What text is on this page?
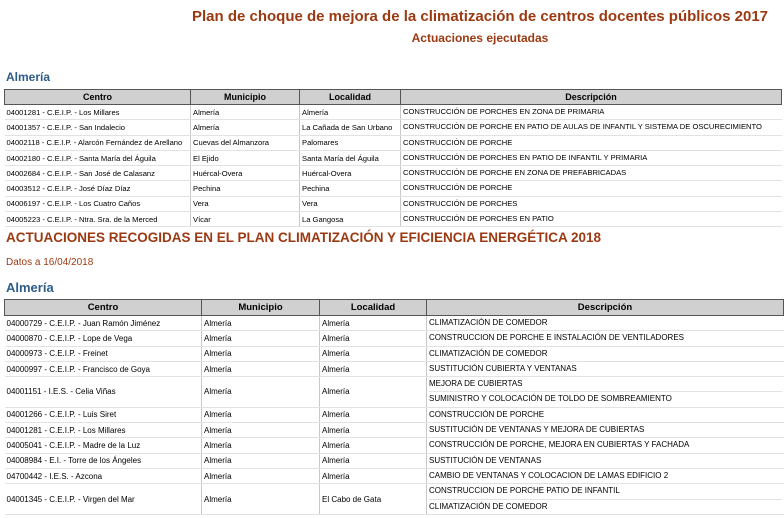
Plan de choque de mejora de la climatización de centros docentes públicos 2017
Actuaciones ejecutadas
Almería
Centro	Municipio	Localidad	Descripción
04001281 - C.E.I.P. - Los Millares	Almería	Almería	CONSTRUCCIÓN DE PORCHES EN ZONA DE PRIMARIA

04001357 - C.E.I.P. - San Indalecio	Almería	La Cañada de San Urbano	CONSTRUCCIÓN DE PORCHE EN PATIO DE AULAS DE INFANTIL Y SISTEMA DE OSCURECIMIENTO

04002118 - C.E.I.P. - Alarcón Fernández de Arellano	Cuevas del Almanzora	Palomares	CONSTRUCCIÓN DE PORCHE

04002180 - C.E.I.P. - Santa María del Águila	El Ejido	Santa María del Águila	CONSTRUCCIÓN DE PORCHES EN PATIO DE INFANTIL Y PRIMARIA

04002684 - C.E.I.P. - San José de Calasanz	Huércal-Overa	Huércal-Overa	CONSTRUCCIÓN DE PORCHE EN ZONA DE PREFABRICADAS

04003512 - C.E.I.P. - José Díaz Díaz	Pechina	Pechina	CONSTRUCCIÓN DE PORCHE

04006197 - C.E.I.P. - Los Cuatro Caños	Vera	Vera	CONSTRUCCIÓN DE PORCHES

04005223 - C.E.I.P. - Ntra. Sra. de la Merced	Vícar	La Gangosa	CONSTRUCCIÓN DE PORCHES EN PATIO
ACTUACIONES RECOGIDAS EN EL PLAN CLIMATIZACIÓN Y EFICIENCIA ENERGÉTICA 2018
Datos a 16/04/2018
Almería
Centro	Municipio	Localidad	Descripción
04000729 - C.E.I.P. - Juan Ramón Jiménez	Almería	Almería	CLIMATIZACIÓN DE COMEDOR

04000870 - C.E.I.P. - Lope de Vega	Almería	Almería	CONSTRUCCION DE PORCHE E INSTALACIÓN DE VENTILADORES

04000973 - C.E.I.P. - Freinet	Almería	Almería	CLIMATIZACIÓN DE COMEDOR

04000997 - C.E.I.P. - Francisco de Goya	Almería	Almería	SUSTITUCIÓN CUBIERTA Y VENTANAS

04001151 - I.E.S. - Celia Viñas	Almería	Almería	MEJORA DE CUBIERTAS
SUMINISTRO Y COLOCACIÓN DE TOLDO DE SOMBREAMIENTO

04001266 - C.E.I.P. - Luis Siret	Almería	Almería	CONSTRUCCIÓN DE PORCHE

04001281 - C.E.I.P. - Los Millares	Almería	Almería	SUSTITUCIÓN DE VENTANAS Y MEJORA DE CUBIERTAS

04005041 - C.E.I.P. - Madre de la Luz	Almería	Almería	CONSTRUCCIÓN DE PORCHE, MEJORA EN CUBIERTAS Y FACHADA

04008984 - E.I. - Torre de los Ángeles	Almería	Almería	SUSTITUCIÓN DE VENTANAS

04700442 - I.E.S. - Azcona	Almería	Almería	CAMBIO DE VENTANAS Y COLOCACION DE LAMAS EDIFICIO 2

04001345 - C.E.I.P. - Virgen del Mar	Almería	El Cabo de Gata	CONSTRUCCION DE PORCHE PATIO DE INFANTIL
CLIMATIZACIÓN DE COMEDOR
